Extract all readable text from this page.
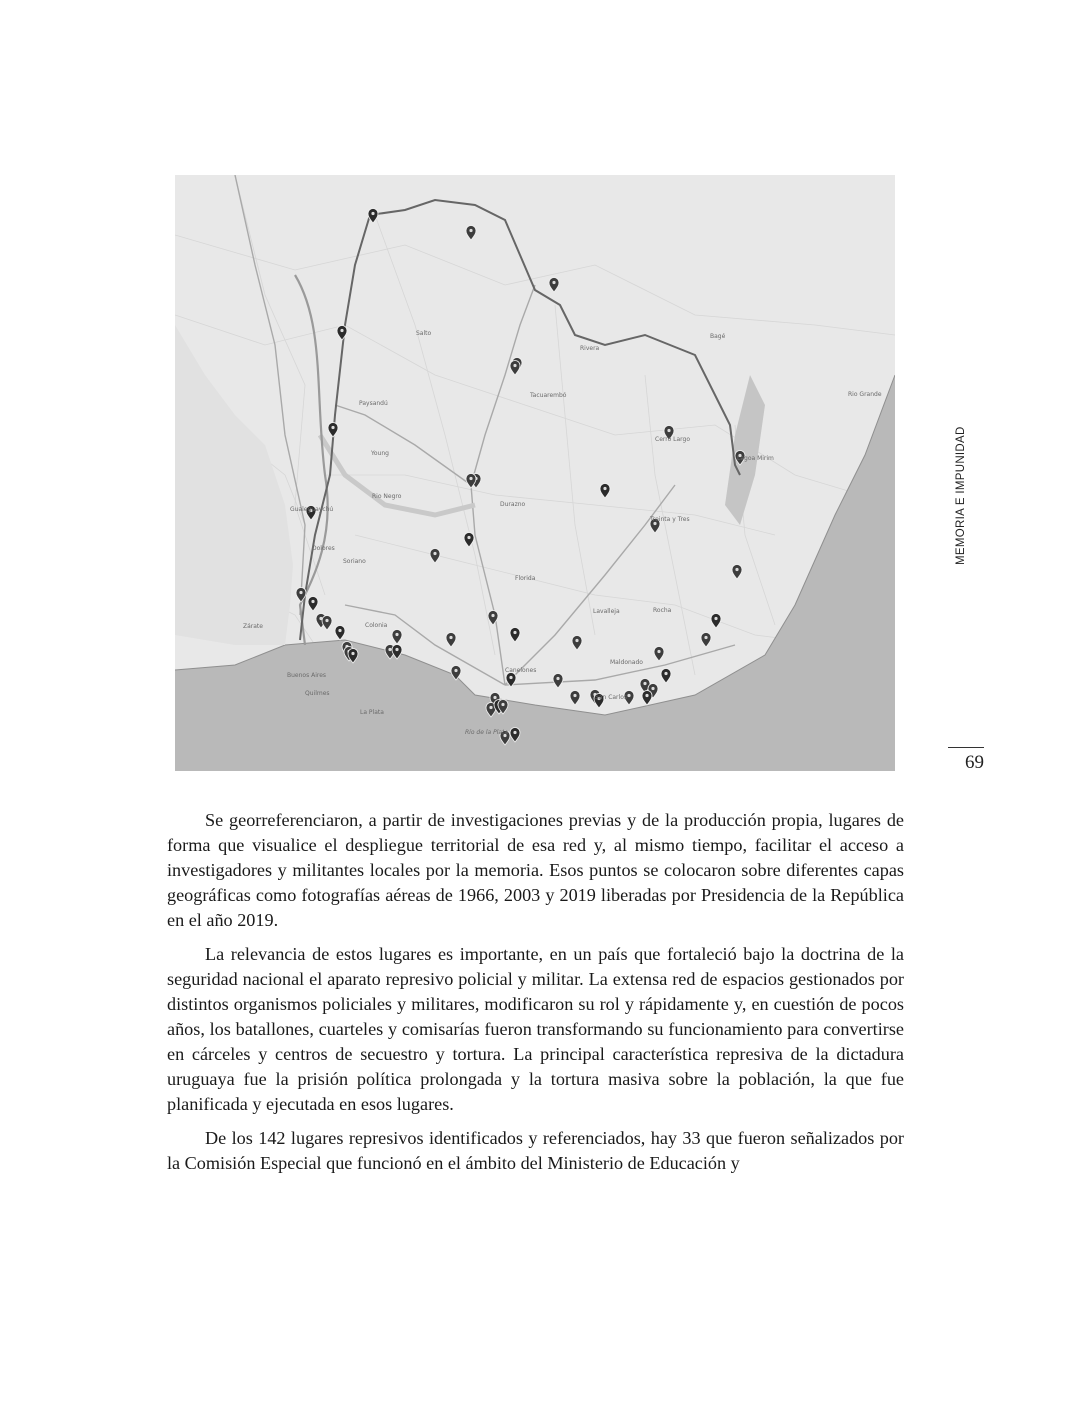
Buenos Aires
La Plata
Zárate
Gualeguaychú
Salto
Paysandú
Young
Tacuarembó
Rivera
Bagé
Rio Grande
Durazno
Florida
Soriano
Colonia
Canelones
Lavalleja	Rocha
Maldonado
San Carlos
Treinta y Tres
Cerro Largo
Lagoa Mirim
Dolores
Rio Negro
Quilmes
Río de la Plata
MEMORIA E IMPUNIDAD
69

Se georreferenciaron, a partir de investigaciones previas y de la producción propia, lugares de forma que visualice el despliegue territorial de esa red y, al mismo tiempo, facilitar el acceso a investigadores y militantes locales por la memoria. Esos puntos se colocaron sobre diferentes capas geográficas como fotografías aéreas de 1966, 2003 y 2019 liberadas por Presidencia de la República en el año 2019.

La relevancia de estos lugares es importante, en un país que fortaleció bajo la doctrina de la seguridad nacional el aparato represivo policial y militar. La extensa red de espacios gestionados por distintos organismos policiales y militares, modificaron su rol y rápidamente y, en cuestión de pocos años, los batallones, cuarteles y comisarías fueron transformando su funcionamiento para convertirse en cárceles y centros de secuestro y tortura. La principal característica represiva de la dictadura uruguaya fue la prisión política prolongada y la tortura masiva sobre la población, la que fue planificada y ejecutada en esos lugares.

De los 142 lugares represivos identificados y referenciados, hay 33 que fueron señalizados por la Comisión Especial que funcionó en el ámbito del Ministerio de Educación y
